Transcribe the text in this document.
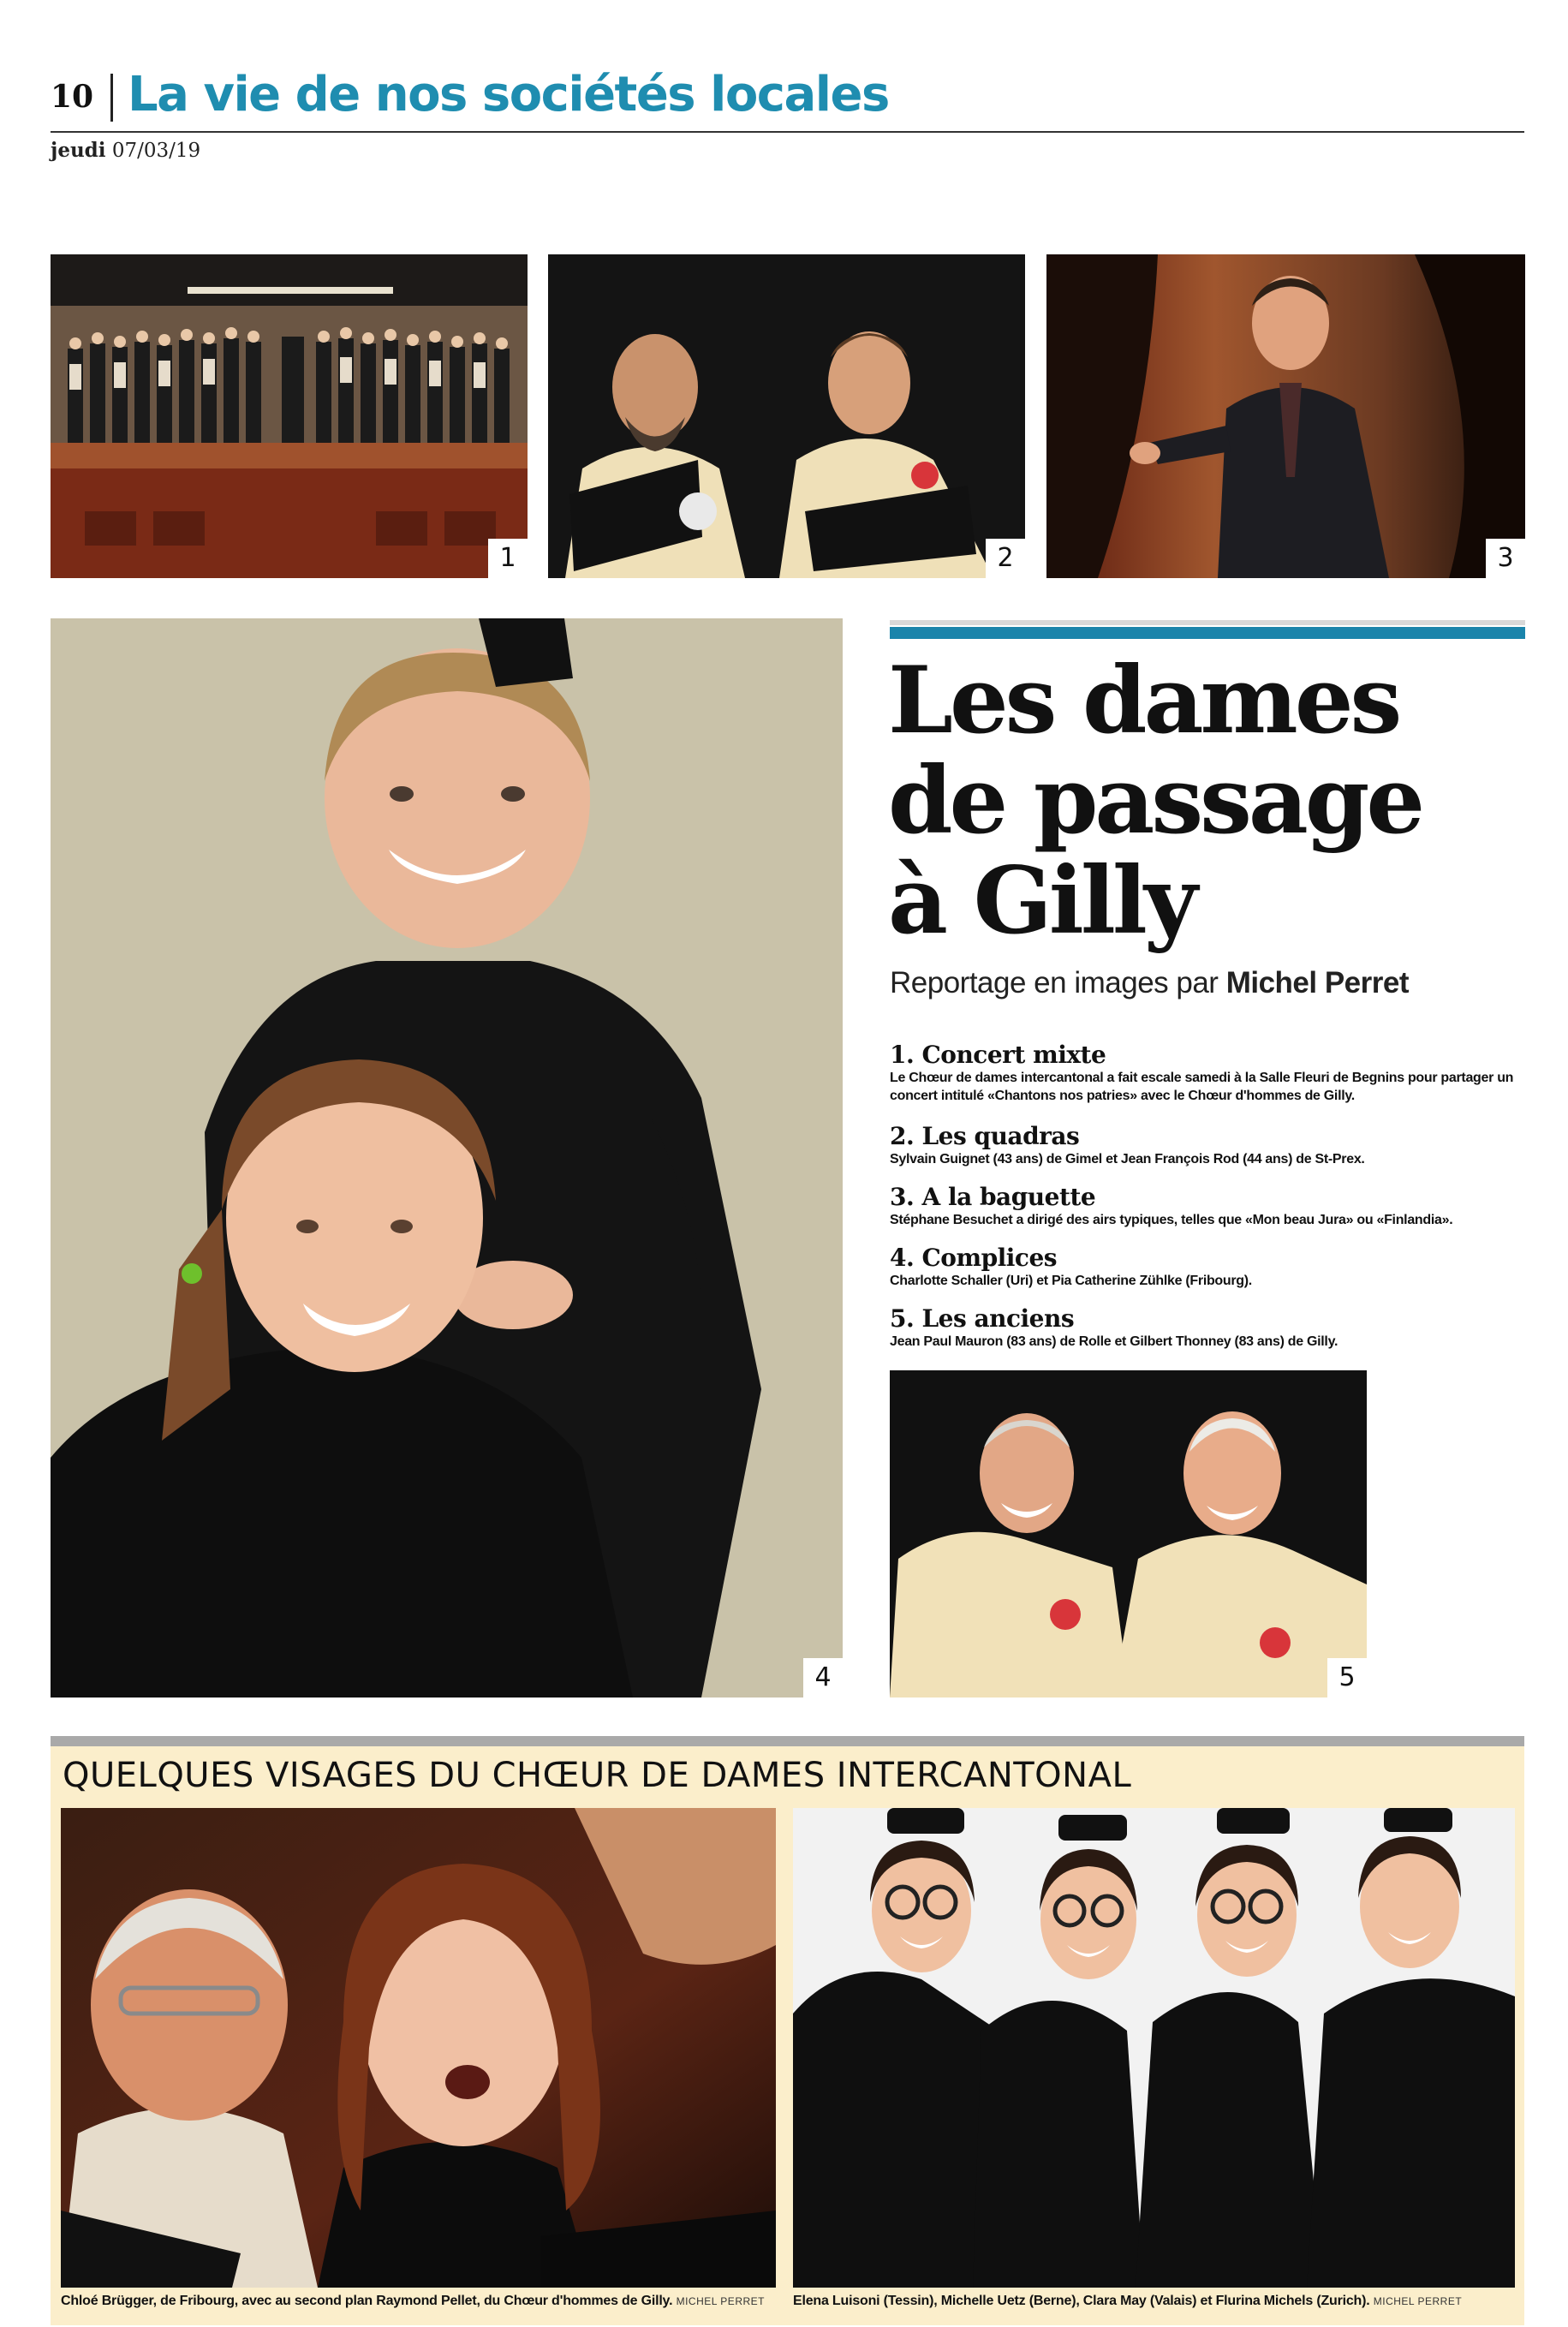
10 La vie de nos sociétés locales
jeudi 07/03/19
1	2	3
4
Les dames
de passage
à Gilly
Reportage en images par Michel Perret
1. Concert mixte
Le Chœur de dames intercantonal a fait escale samedi à la Salle Fleuri de Begnins pour partager un concert intitulé «Chantons nos patries» avec le Chœur d'hommes de Gilly.
2. Les quadras
Sylvain Guignet (43 ans) de Gimel et Jean François Rod (44 ans) de St-Prex.
3. A la baguette
Stéphane Besuchet a dirigé des airs typiques, telles que «Mon beau Jura» ou «Finlandia».
4. Complices
Charlotte Schaller (Uri) et Pia Catherine Zühlke (Fribourg).
5. Les anciens
Jean Paul Mauron (83 ans) de Rolle et Gilbert Thonney (83 ans) de Gilly.
5
QUELQUES VISAGES DU CHŒUR DE DAMES INTERCANTONAL
Chloé Brügger, de Fribourg, avec au second plan Raymond Pellet, du Chœur d'hommes de Gilly. MICHEL PERRET Elena Luisoni (Tessin), Michelle Uetz (Berne), Clara May (Valais) et Flurina Michels (Zurich). MICHEL PERRET
